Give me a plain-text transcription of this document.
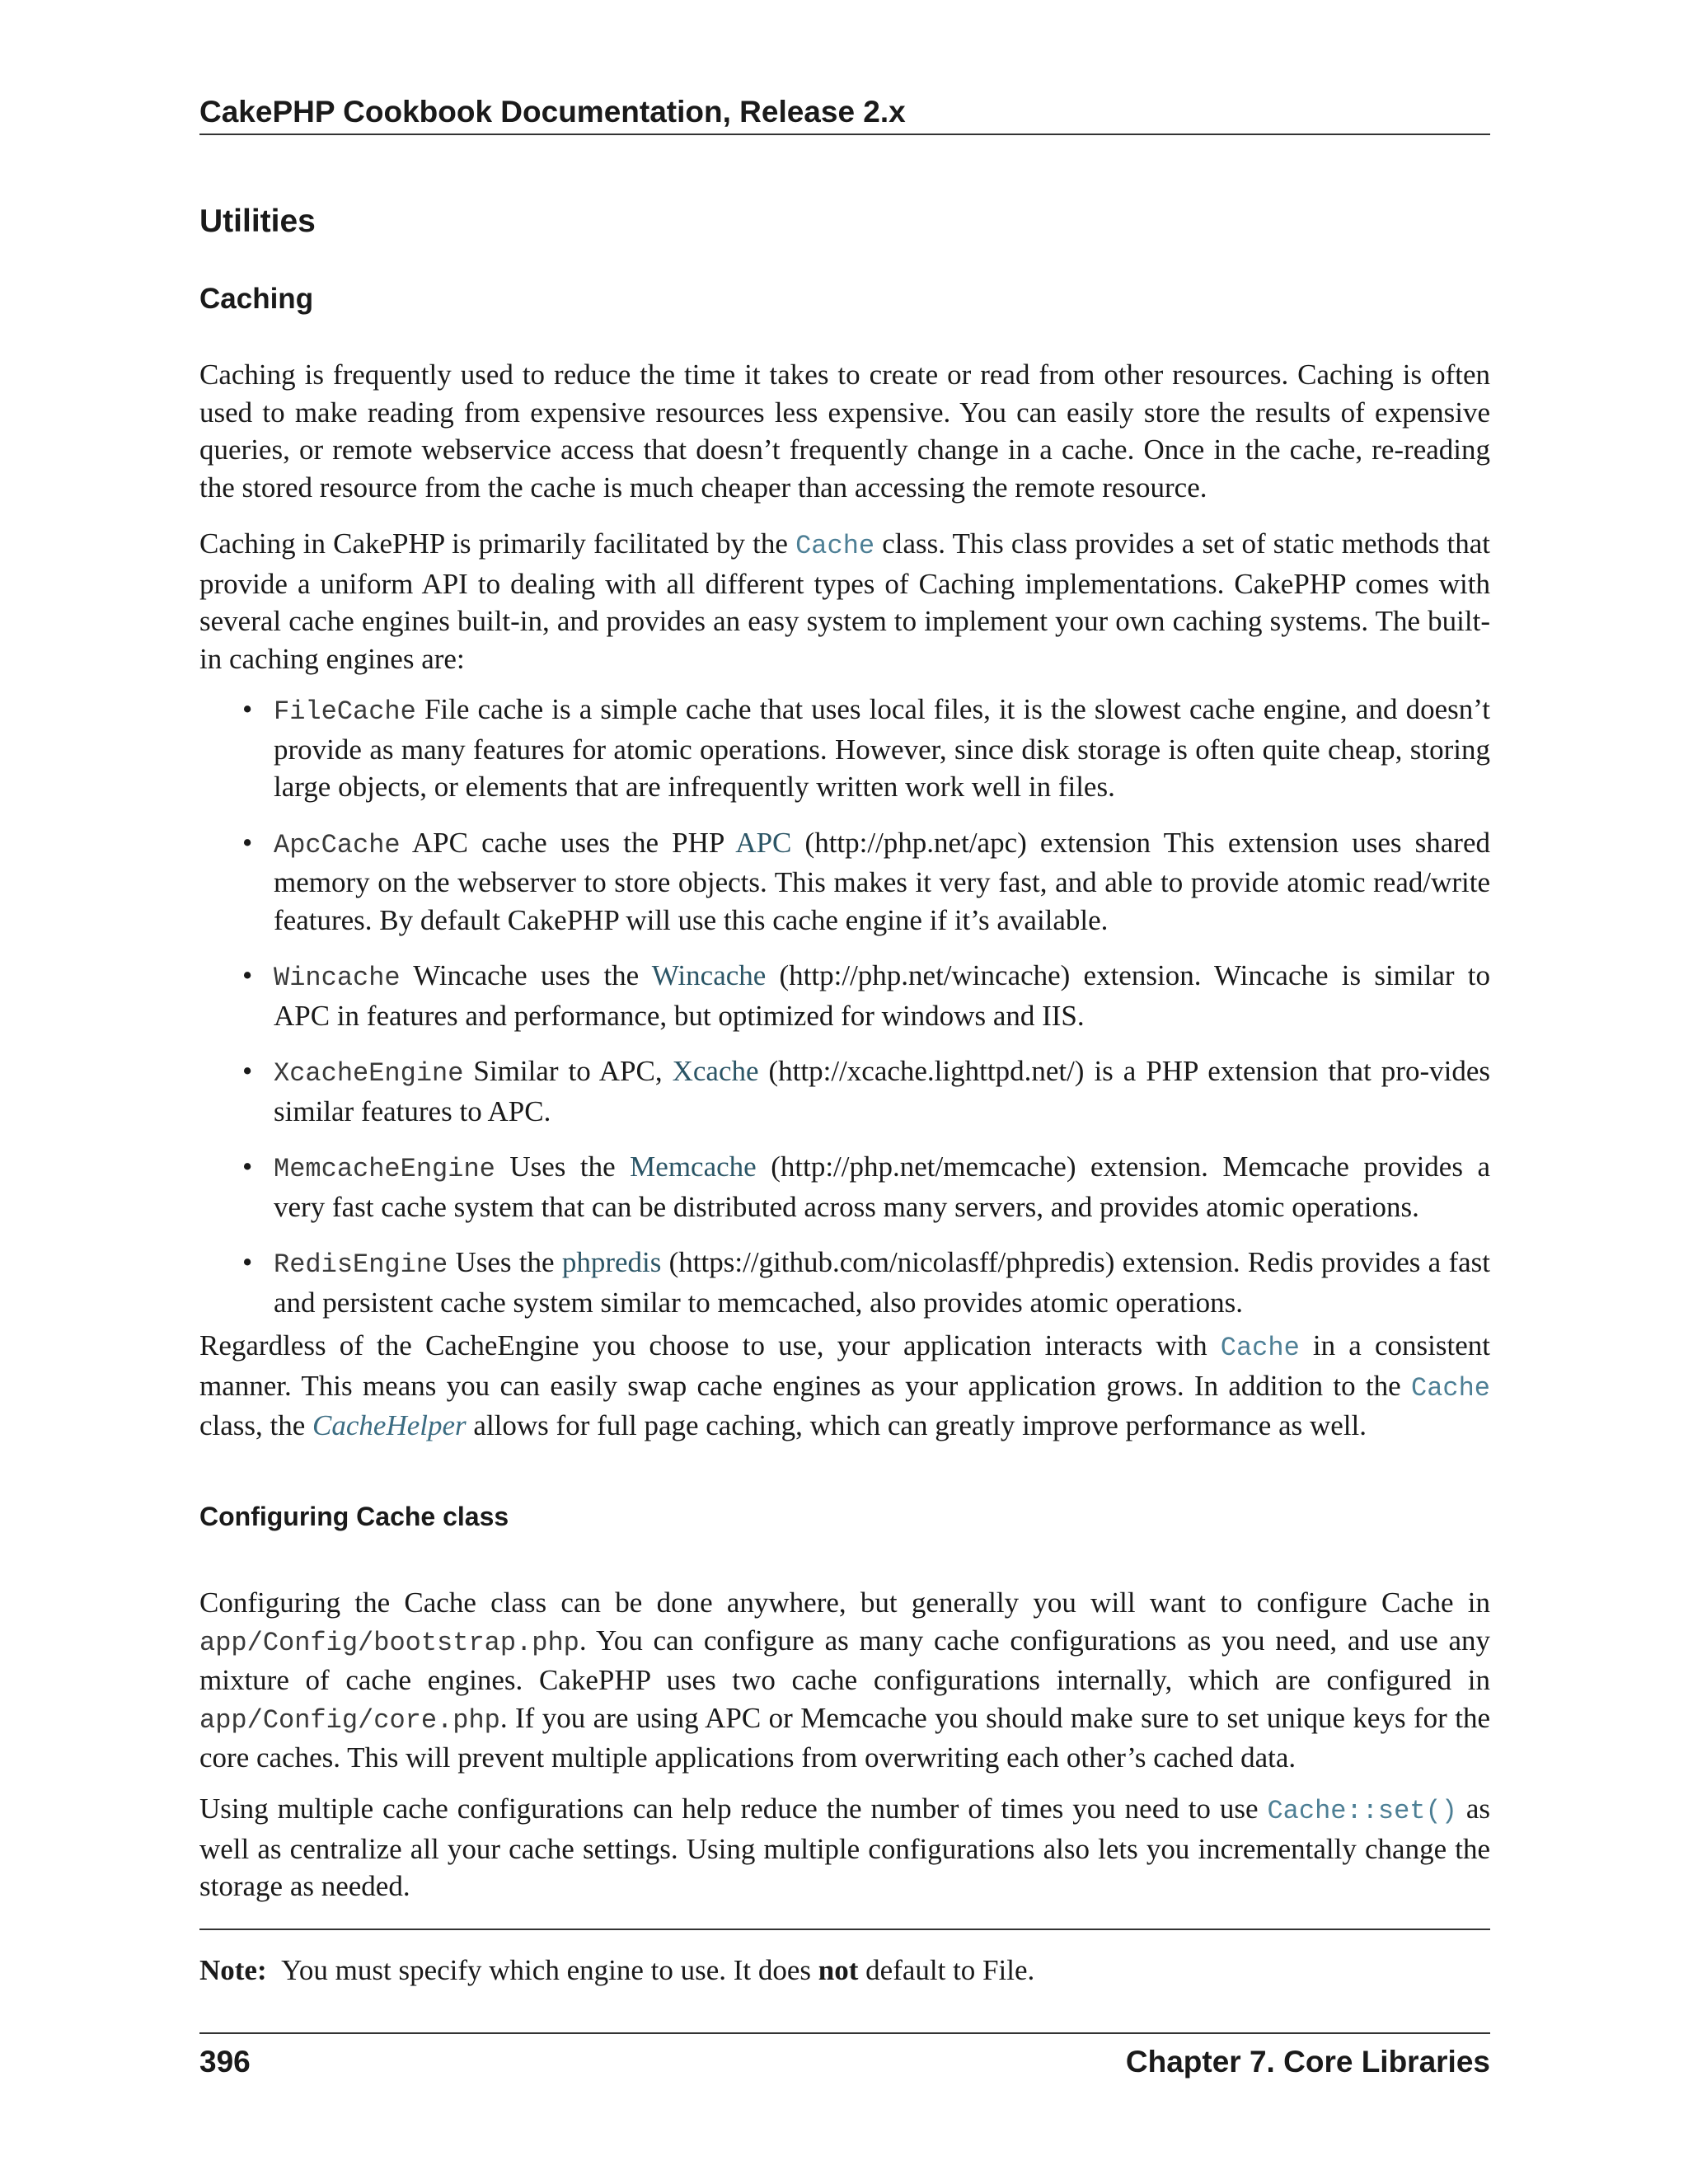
CakePHP Cookbook Documentation, Release 2.x
Utilities
Caching

Caching is frequently used to reduce the time it takes to create or read from other resources. Caching is often used to make reading from expensive resources less expensive. You can easily store the results of expensive queries, or remote webservice access that doesn’t frequently change in a cache. Once in the cache, re-reading the stored resource from the cache is much cheaper than accessing the remote resource.

Caching in CakePHP is primarily facilitated by the Cache class. This class provides a set of static methods that provide a uniform API to dealing with all different types of Caching implementations. CakePHP comes with several cache engines built-in, and provides an easy system to implement your own caching systems. The built-in caching engines are:

• FileCache File cache is a simple cache that uses local files, it is the slowest cache engine, and doesn’t provide as many features for atomic operations. However, since disk storage is often quite cheap, storing large objects, or elements that are infrequently written work well in files.
• ApcCache APC cache uses the PHP APC (http://php.net/apc) extension This extension uses shared memory on the webserver to store objects. This makes it very fast, and able to provide atomic read/write features. By default CakePHP will use this cache engine if it’s available.
• Wincache Wincache uses the Wincache (http://php.net/wincache) extension. Wincache is similar to APC in features and performance, but optimized for windows and IIS.
• XcacheEngine Similar to APC, Xcache (http://xcache.lighttpd.net/) is a PHP extension that pro-vides similar features to APC.
• MemcacheEngine Uses the Memcache (http://php.net/memcache) extension. Memcache provides a very fast cache system that can be distributed across many servers, and provides atomic operations.
• RedisEngine Uses the phpredis (https://github.com/nicolasff/phpredis) extension. Redis provides a fast and persistent cache system similar to memcached, also provides atomic operations.

Regardless of the CacheEngine you choose to use, your application interacts with Cache in a consistent manner. This means you can easily swap cache engines as your application grows. In addition to the Cache class, the CacheHelper allows for full page caching, which can greatly improve performance as well.

Configuring Cache class

Configuring the Cache class can be done anywhere, but generally you will want to configure Cache in app/Config/bootstrap.php. You can configure as many cache configurations as you need, and use any mixture of cache engines. CakePHP uses two cache configurations internally, which are configured in app/Config/core.php. If you are using APC or Memcache you should make sure to set unique keys for the core caches. This will prevent multiple applications from overwriting each other’s cached data.

Using multiple cache configurations can help reduce the number of times you need to use Cache::set() as well as centralize all your cache settings. Using multiple configurations also lets you incrementally change the storage as needed.

Note: You must specify which engine to use. It does not default to File.
396	Chapter 7. Core Libraries
